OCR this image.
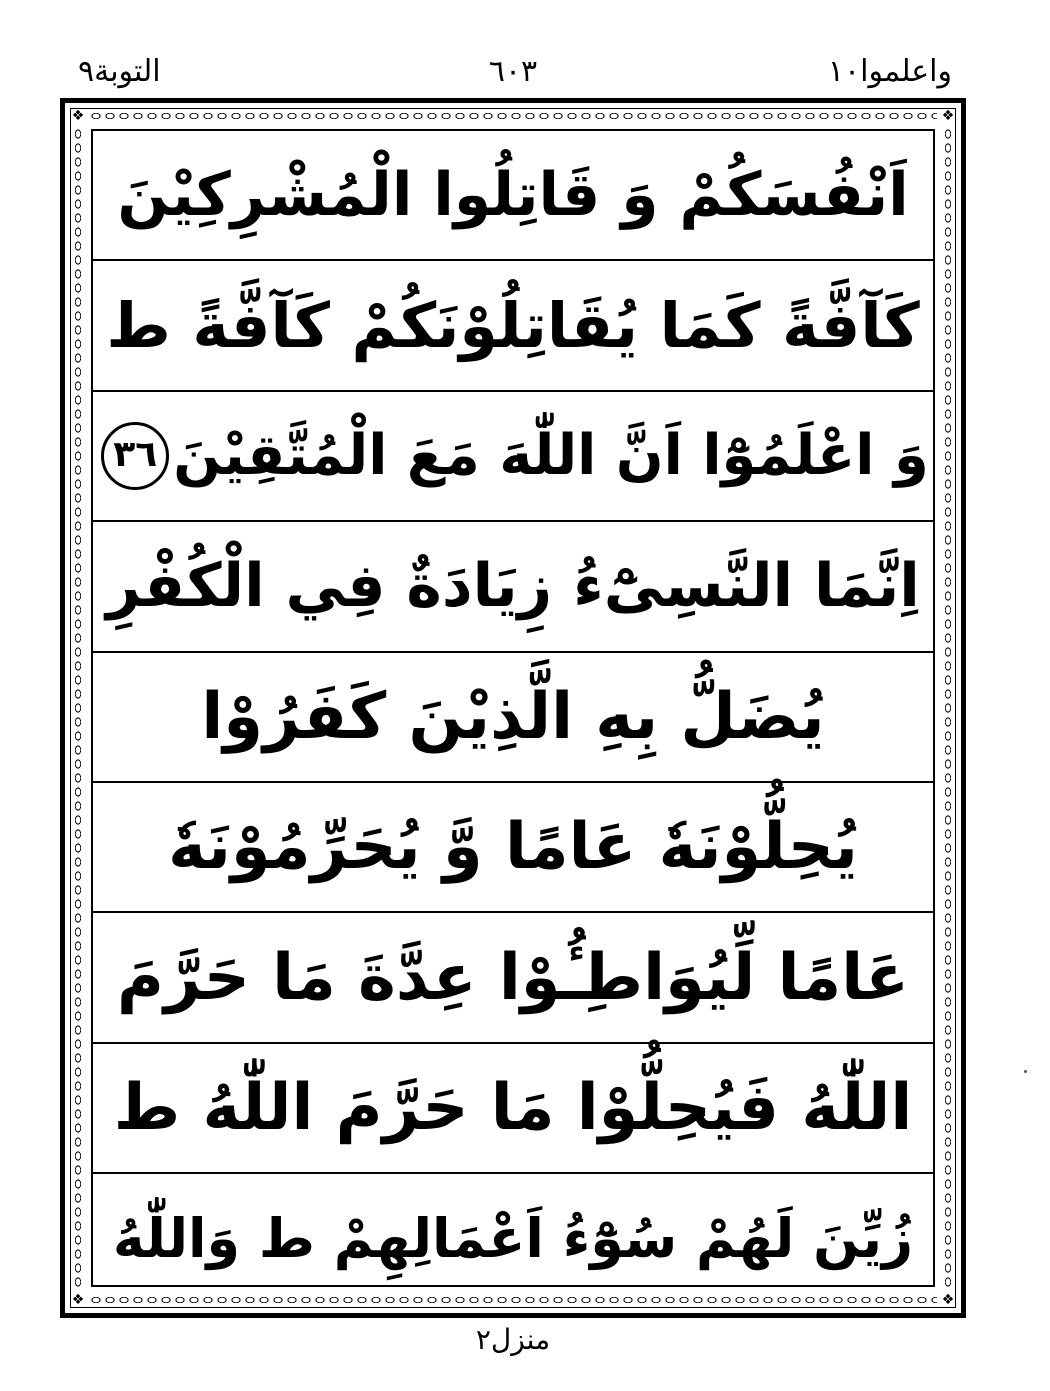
التوبة٩	٦٠٣	واعلموا١٠
❖	❖
❖	❖
اَنْفُسَكُمْ وَ قَاتِلُوا الْمُشْرِكِيْنَ
كَآفَّةً كَمَا يُقَاتِلُوْنَكُمْ كَآفَّةً ط
وَ اعْلَمُوْٓا اَنَّ اللّٰهَ مَعَ الْمُتَّقِيْنَ
٣٦
اِنَّمَا النَّسِیْٓءُ زِيَادَةٌ فِي الْكُفْرِ
يُضَلُّ بِهِ الَّذِيْنَ كَفَرُوْا
يُحِلُّوْنَهٗ عَامًا وَّ يُحَرِّمُوْنَهٗ
عَامًا لِّيُوَاطِـُٔوْا عِدَّةَ مَا حَرَّمَ
اللّٰهُ فَيُحِلُّوْا مَا حَرَّمَ اللّٰهُ ط
زُيِّنَ لَهُمْ سُوْٓءُ اَعْمَالِهِمْ ط وَاللّٰهُ
منزل٢
